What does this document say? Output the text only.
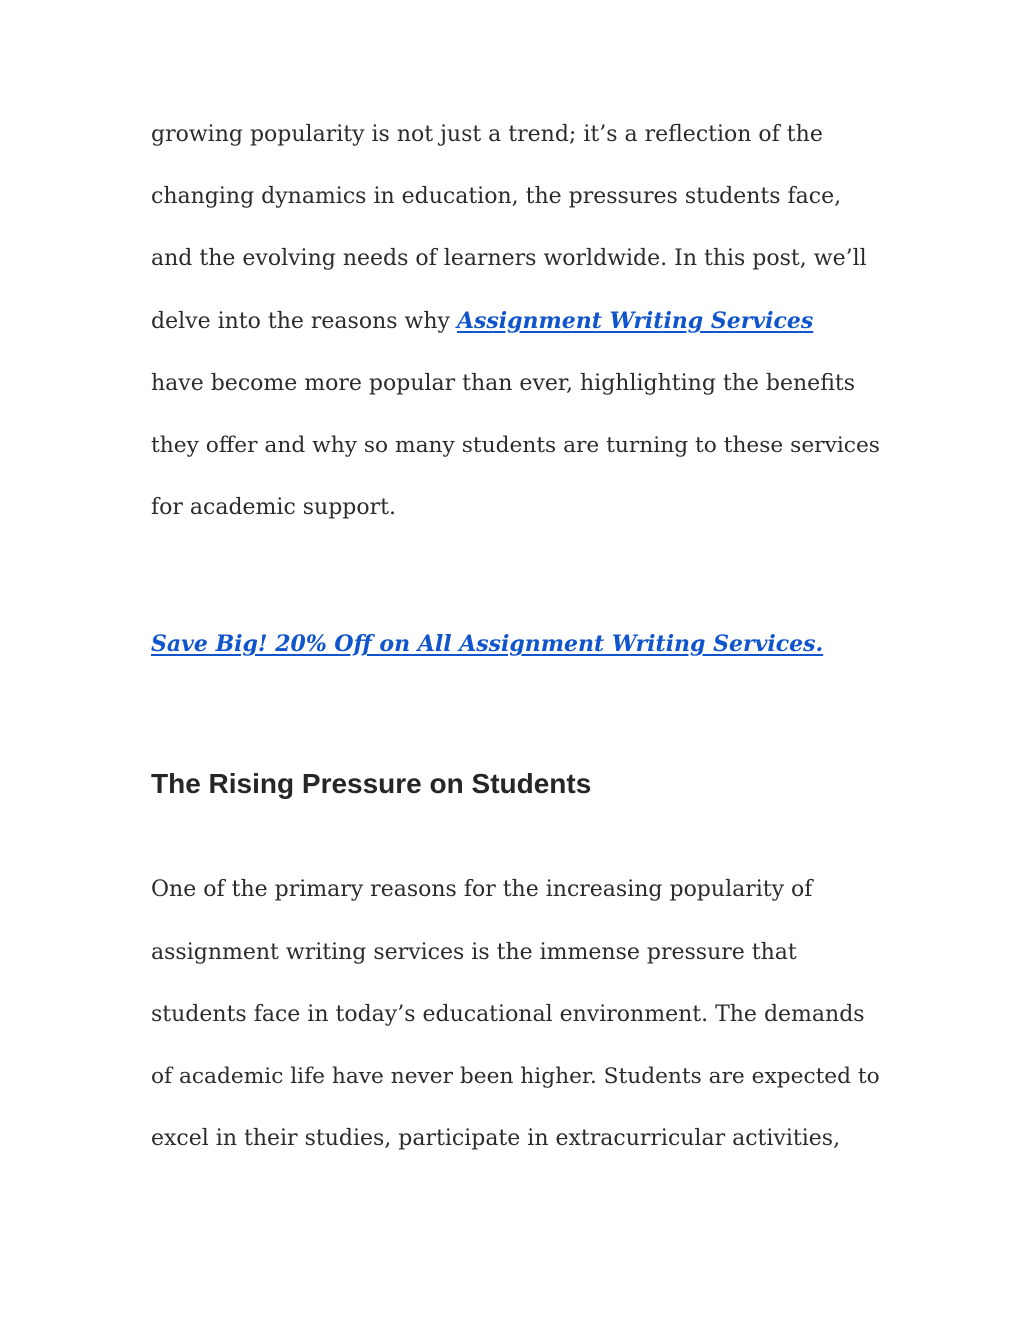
growing popularity is not just a trend; it’s a reflection of the
changing dynamics in education, the pressures students face,
and the evolving needs of learners worldwide. In this post, we’ll
delve into the reasons why Assignment Writing Services
have become more popular than ever, highlighting the benefits
they offer and why so many students are turning to these services
for academic support.
Save Big! 20% Off on All Assignment Writing Services.
The Rising Pressure on Students
One of the primary reasons for the increasing popularity of
assignment writing services is the immense pressure that
students face in today’s educational environment. The demands
of academic life have never been higher. Students are expected to
excel in their studies, participate in extracurricular activities,
